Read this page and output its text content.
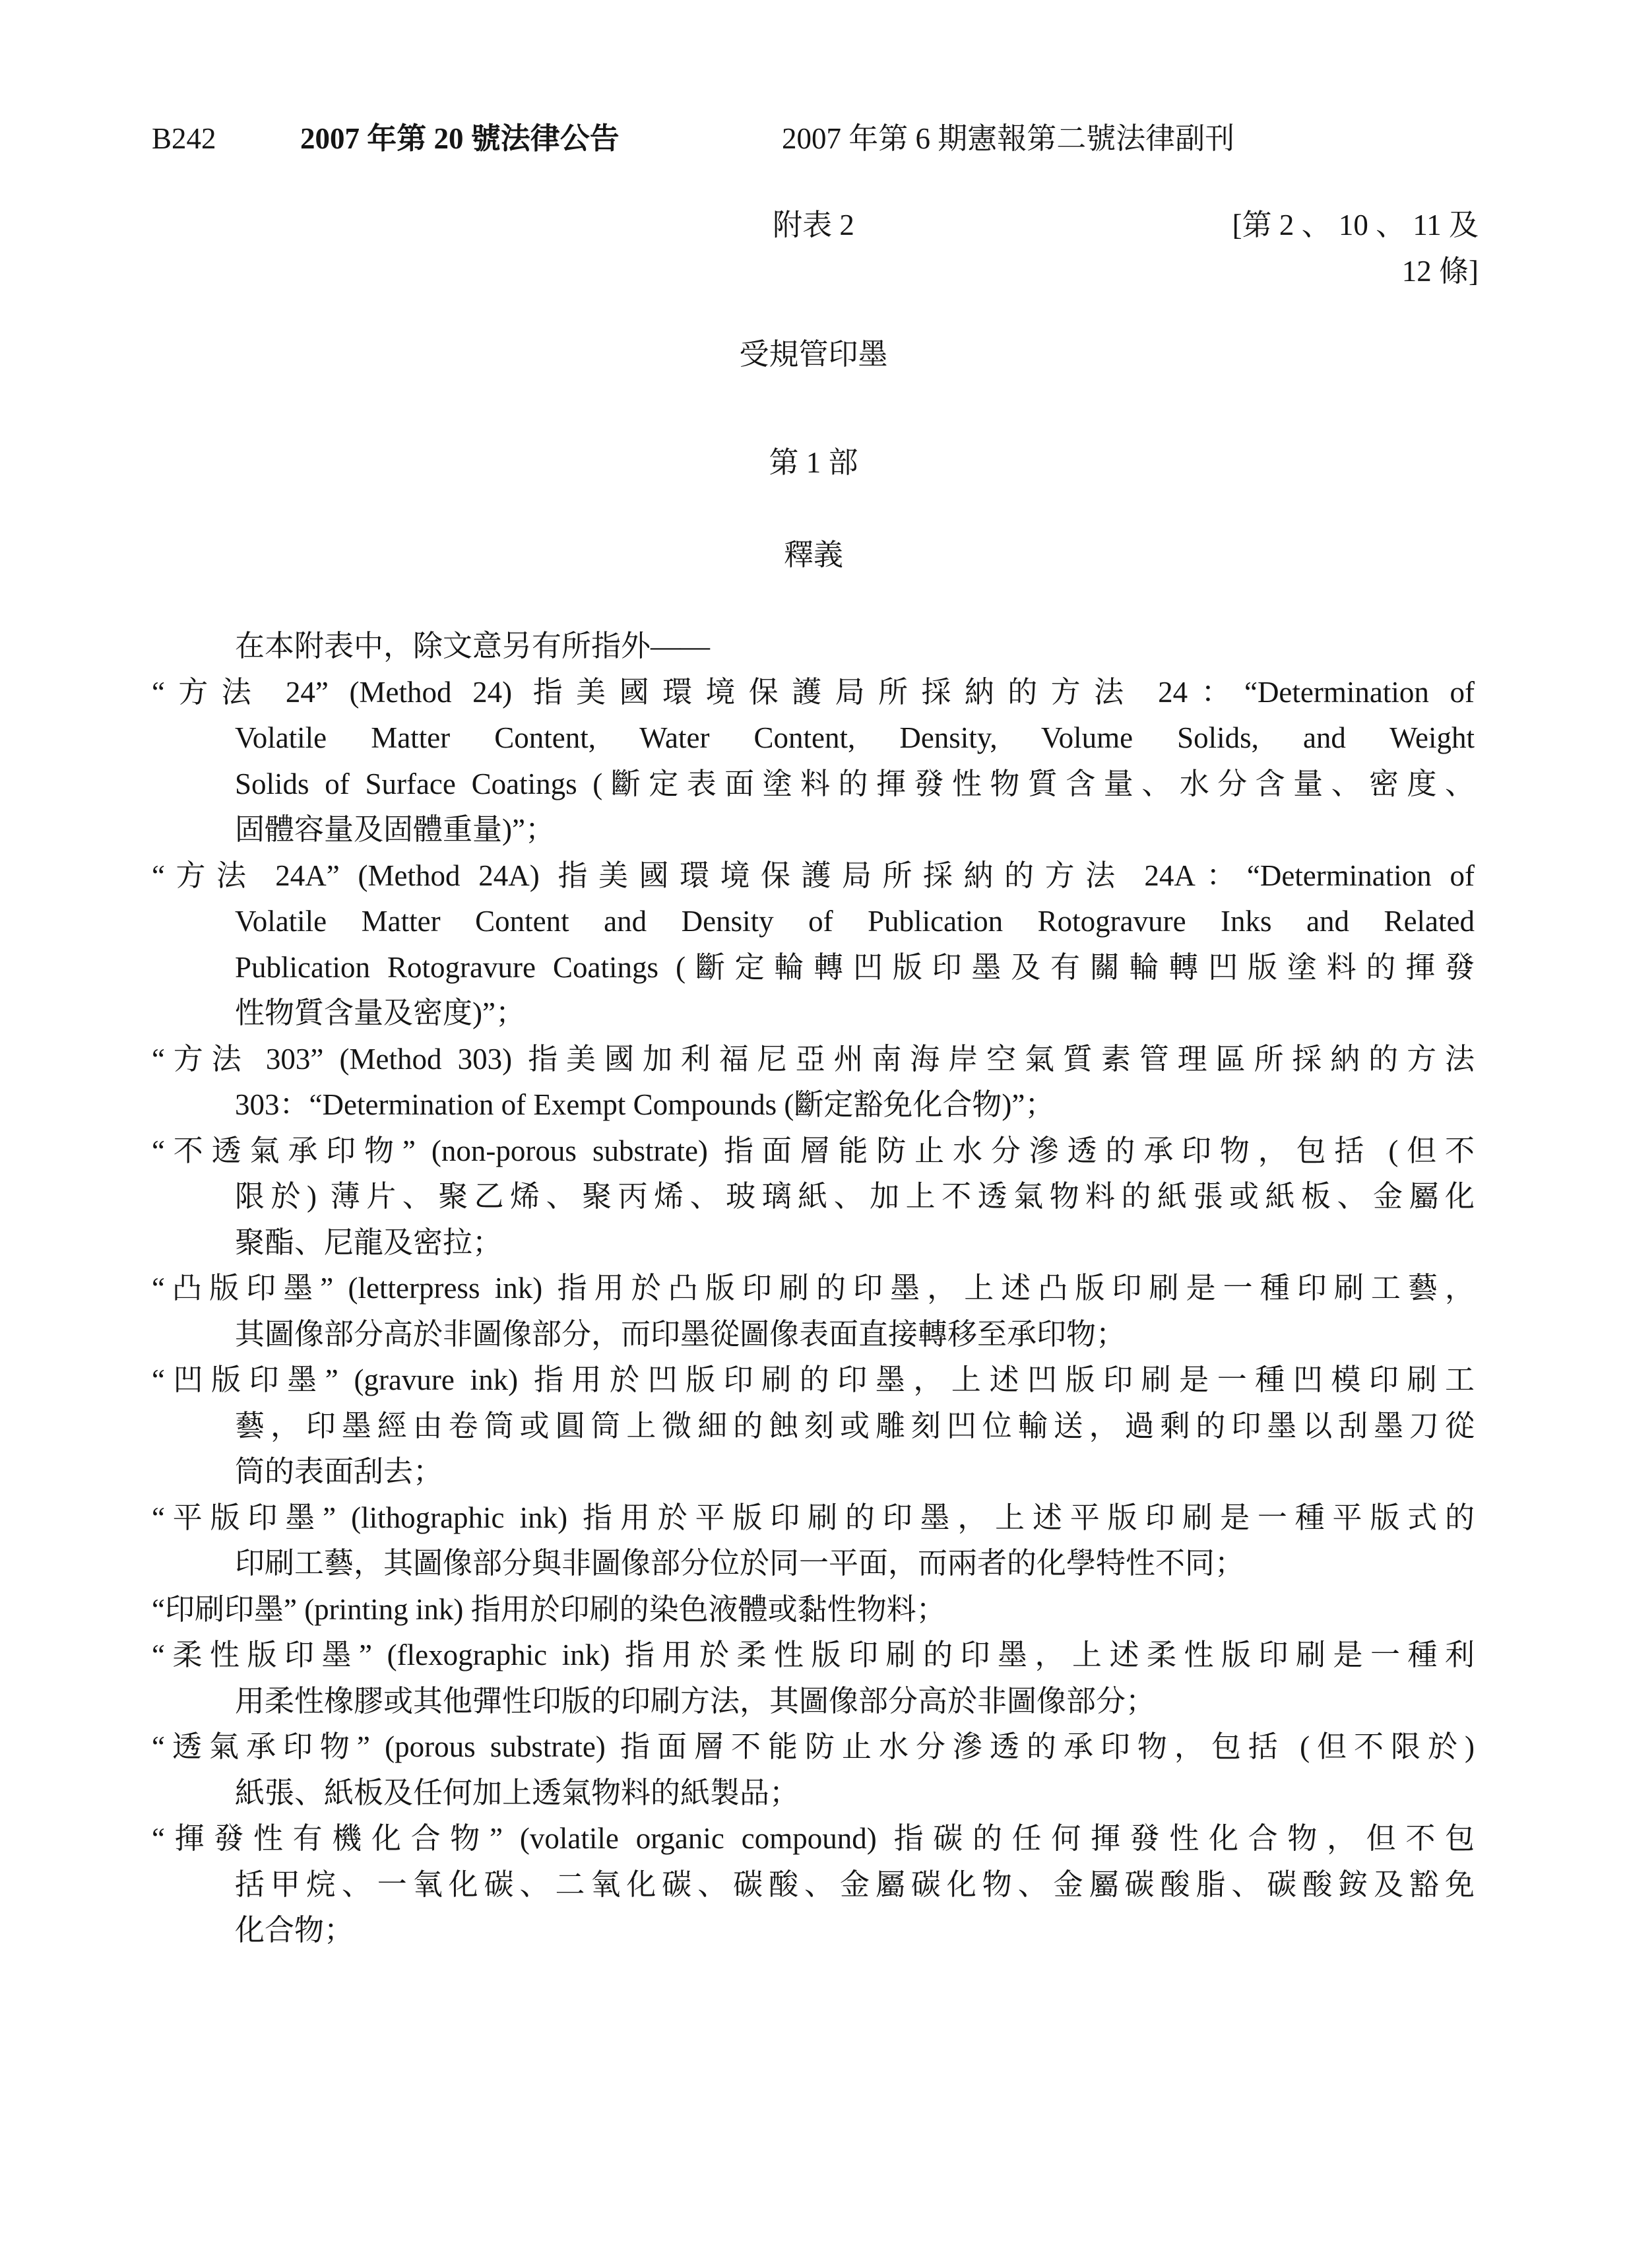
B242	2007 年第 20 號法律公告	2007 年第 6 期憲報第二號法律副刊
附表 2	[第 2 、 10 、 11 及
12 條]
受規管印墨
第 1 部
釋義
在本附表中，除文意另有所指外——
“方法 24” (Method 24) 指美國環境保護局所採納的方法 24：“Determination of
Volatile Matter Content, Water Content, Density, Volume Solids, and Weight
Solids of Surface Coatings (斷定表面塗料的揮發性物質含量、水分含量、密度、
固體容量及固體重量)”；
“方法 24A” (Method 24A) 指美國環境保護局所採納的方法 24A：“Determination of
Volatile Matter Content and Density of Publication Rotogravure Inks and Related
Publication Rotogravure Coatings (斷定輪轉凹版印墨及有關輪轉凹版塗料的揮發
性物質含量及密度)”；
“方法 303” (Method 303) 指美國加利福尼亞州南海岸空氣質素管理區所採納的方法
303：“Determination of Exempt Compounds (斷定豁免化合物)”；
“不透氣承印物” (non-porous substrate) 指面層能防止水分滲透的承印物，包括 (但不
限於) 薄片、聚乙烯、聚丙烯、玻璃紙、加上不透氣物料的紙張或紙板、金屬化
聚酯、尼龍及密拉；
“凸版印墨” (letterpress ink) 指用於凸版印刷的印墨，上述凸版印刷是一種印刷工藝，
其圖像部分高於非圖像部分，而印墨從圖像表面直接轉移至承印物；
“凹版印墨” (gravure ink) 指用於凹版印刷的印墨，上述凹版印刷是一種凹模印刷工
藝，印墨經由卷筒或圓筒上微細的蝕刻或雕刻凹位輸送，過剩的印墨以刮墨刀從
筒的表面刮去；
“平版印墨” (lithographic ink) 指用於平版印刷的印墨，上述平版印刷是一種平版式的
印刷工藝，其圖像部分與非圖像部分位於同一平面，而兩者的化學特性不同；
“印刷印墨” (printing ink) 指用於印刷的染色液體或黏性物料；
“柔性版印墨” (flexographic ink) 指用於柔性版印刷的印墨，上述柔性版印刷是一種利
用柔性橡膠或其他彈性印版的印刷方法，其圖像部分高於非圖像部分；
“透氣承印物” (porous substrate) 指面層不能防止水分滲透的承印物，包括 (但不限於)
紙張、紙板及任何加上透氣物料的紙製品；
“揮發性有機化合物” (volatile organic compound) 指碳的任何揮發性化合物，但不包
括甲烷、一氧化碳、二氧化碳、碳酸、金屬碳化物、金屬碳酸脂、碳酸銨及豁免
化合物；
